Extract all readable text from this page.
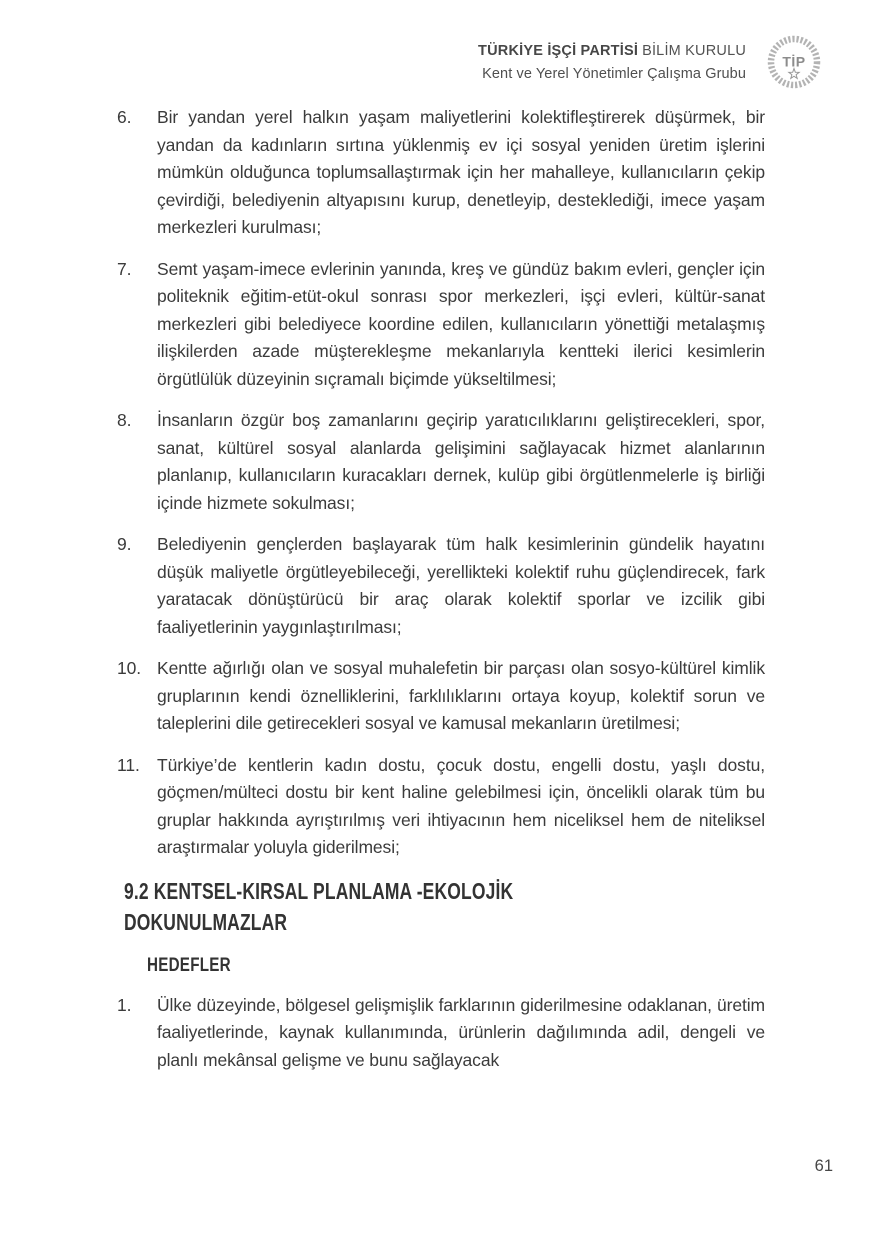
TÜRKİYE İŞÇİ PARTİSİ BİLİM KURULU
Kent ve Yerel Yönetimler Çalışma Grubu
TİP
6.	Bir yandan yerel halkın yaşam maliyetlerini kolektifleştirerek düşürmek, bir yandan da kadınların sırtına yüklenmiş ev içi sosyal yeniden üretim işlerini mümkün olduğunca toplumsallaştırmak için her mahalleye, kullanıcıların çekip çevirdiği, belediyenin altyapısını kurup, denetleyip, desteklediği, imece yaşam merkezleri kurulması;
7.	Semt yaşam-imece evlerinin yanında, kreş ve gündüz bakım evleri, gençler için politeknik eğitim-etüt-okul sonrası spor merkezleri, işçi evleri, kültür-sanat merkezleri gibi belediyece koordine edilen, kullanıcıların yönettiği metalaşmış ilişkilerden azade müşterekleşme mekanlarıyla kentteki ilerici kesimlerin örgütlülük düzeyinin sıçramalı biçimde yükseltilmesi;
8.	İnsanların özgür boş zamanlarını geçirip yaratıcılıklarını geliştirecekleri, spor, sanat, kültürel sosyal alanlarda gelişimini sağlayacak hizmet alanlarının planlanıp, kullanıcıların kuracakları dernek, kulüp gibi örgütlenmelerle iş birliği içinde hizmete sokulması;
9.	Belediyenin gençlerden başlayarak tüm halk kesimlerinin gündelik hayatını düşük maliyetle örgütleyebileceği, yerellikteki kolektif ruhu güçlendirecek, fark yaratacak dönüştürücü bir araç olarak kolektif sporlar ve izcilik gibi faaliyetlerinin yaygınlaştırılması;
10. Kentte ağırlığı olan ve sosyal muhalefetin bir parçası olan sosyo-kültürel kimlik gruplarının kendi öznelliklerini, farklılıklarını ortaya koyup, kolektif sorun ve taleplerini dile getirecekleri sosyal ve kamusal mekanların üretilmesi;
11. Türkiye’de kentlerin kadın dostu, çocuk dostu, engelli dostu, yaşlı dostu, göçmen/mülteci dostu bir kent haline gelebilmesi için, öncelikli olarak tüm bu gruplar hakkında ayrıştırılmış veri ihtiyacının hem niceliksel hem de niteliksel araştırmalar yoluyla giderilmesi;
9.2 KENTSEL-KIRSAL PLANLAMA -EKOLOJİK DOKUNULMAZLAR
HEDEFLER
1.	Ülke düzeyinde, bölgesel gelişmişlik farklarının giderilmesine odaklanan, üretim faaliyetlerinde, kaynak kullanımında, ürünlerin dağılımında adil, dengeli ve planlı mekânsal gelişme ve bunu sağlayacak
61
